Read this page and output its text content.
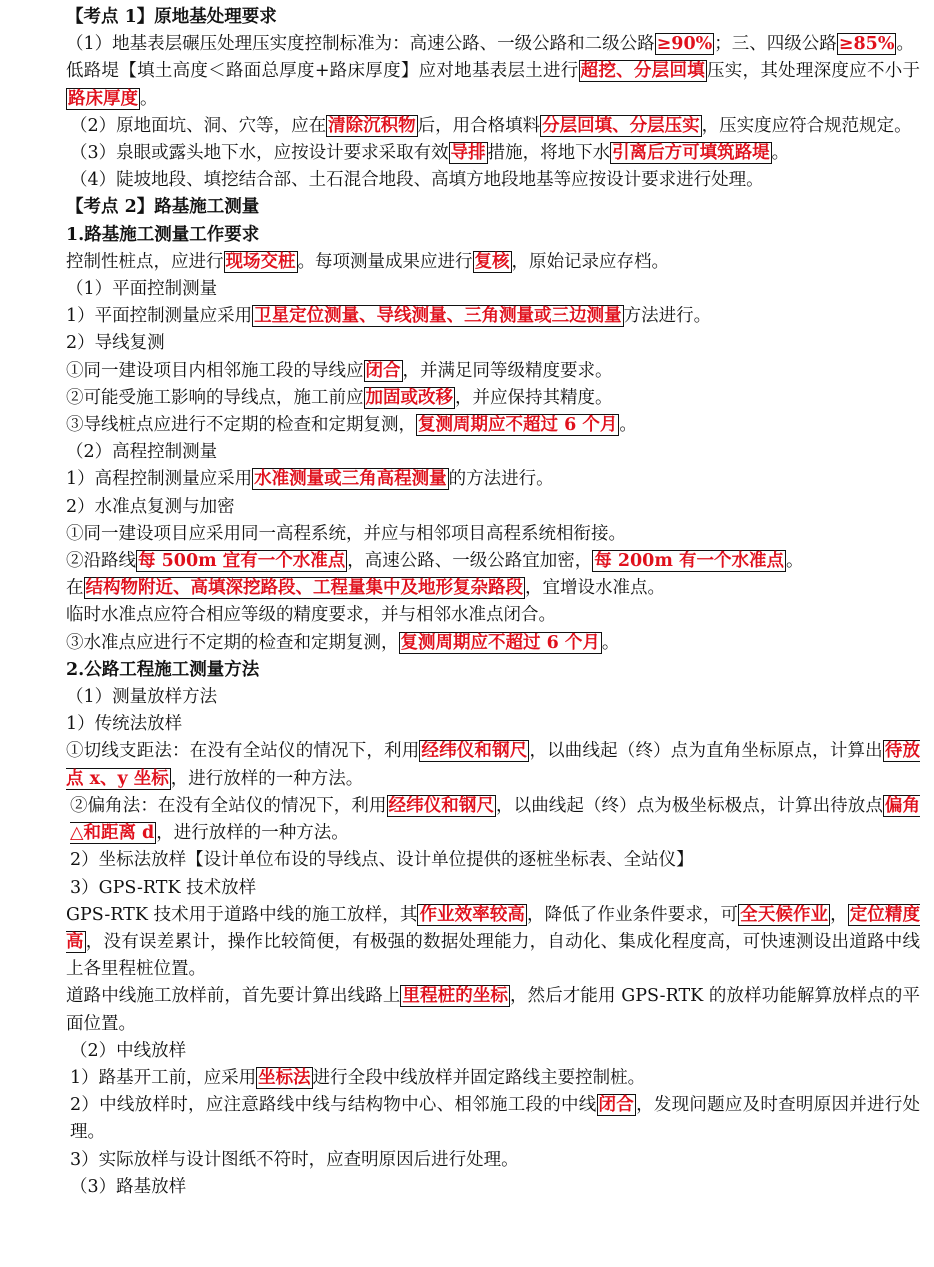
【考点 1】原地基处理要求
（1）地基表层碾压处理压实度控制标准为：高速公路、一级公路和二级公路 ≥90% ；三、四级公路 ≥85% 。
低路堤【填土高度＜路面总厚度+路床厚度】应对地基表层土进行 超挖、分层回填 压实，其处理深度应不小于路床厚度 。
（2）原地面坑、洞、穴等，应在 清除沉积物 后，用合格填料 分层回填、分层压实 ，压实度应符合规范规定。
（3）泉眼或露头地下水，应按设计要求采取有效 导排 措施，将地下水 引离后方可填筑路堤 。
（4）陡坡地段、填挖结合部、土石混合地段、高填方地段地基等应按设计要求进行处理。
【考点 2】路基施工测量
1.路基施工测量工作要求
控制性桩点，应进行 现场交桩 。每项测量成果应进行 复核 ，原始记录应存档。
（1）平面控制测量
1）平面控制测量应采用 卫星定位测量、导线测量、三角测量或三边测量 方法进行。
2）导线复测
①同一建设项目内相邻施工段的导线应 闭合 ，并满足同等级精度要求。
②可能受施工影响的导线点，施工前应 加固或改移 ，并应保持其精度。
③导线桩点应进行不定期的检查和定期复测， 复测周期应不超过 6 个月 。
（2）高程控制测量
1）高程控制测量应采用 水准测量或三角高程测量 的方法进行。
2）水准点复测与加密
①同一建设项目应采用同一高程系统，并应与相邻项目高程系统相衔接。
②沿路线 每 500m 宜有一个水准点 ，高速公路、一级公路宜加密， 每 200m 有一个水准点 。
在 结构物附近、高填深挖路段、工程量集中及地形复杂路段 ，宜增设水准点。
临时水准点应符合相应等级的精度要求，并与相邻水准点闭合。
③水准点应进行不定期的检查和定期复测， 复测周期应不超过 6 个月 。
2.公路工程施工测量方法
（1）测量放样方法
1）传统法放样
①切线支距法：在没有全站仪的情况下，利用 经纬仪和钢尺 ，以曲线起（终）点为直角坐标原点，计算出 待放点 x、y 坐标 ，进行放样的一种方法。
②偏角法：在没有全站仪的情况下，利用 经纬仪和钢尺 ，以曲线起（终）点为极坐标极点，计算出待放点 偏角△和距离 d ，进行放样的一种方法。
2）坐标法放样【设计单位布设的导线点、设计单位提供的逐桩坐标表、全站仪】
3）GPS-RTK 技术放样
GPS-RTK 技术用于道路中线的施工放样，其 作业效率较高 ，降低了作业条件要求，可 全天候作业 ， 定位精度高 ，没有误差累计，操作比较简便，有极强的数据处理能力，自动化、集成化程度高，可快速测设出道路中线上各里程桩位置。
道路中线施工放样前，首先要计算出线路上 里程桩的坐标 ，然后才能用 GPS-RTK 的放样功能解算放样点的平面位置。
（2）中线放样
1）路基开工前，应采用 坐标法 进行全段中线放样并固定路线主要控制桩。
2）中线放样时，应注意路线中线与结构物中心、相邻施工段的中线 闭合 ，发现问题应及时查明原因并进行处理。
3）实际放样与设计图纸不符时，应查明原因后进行处理。
（3）路基放样
